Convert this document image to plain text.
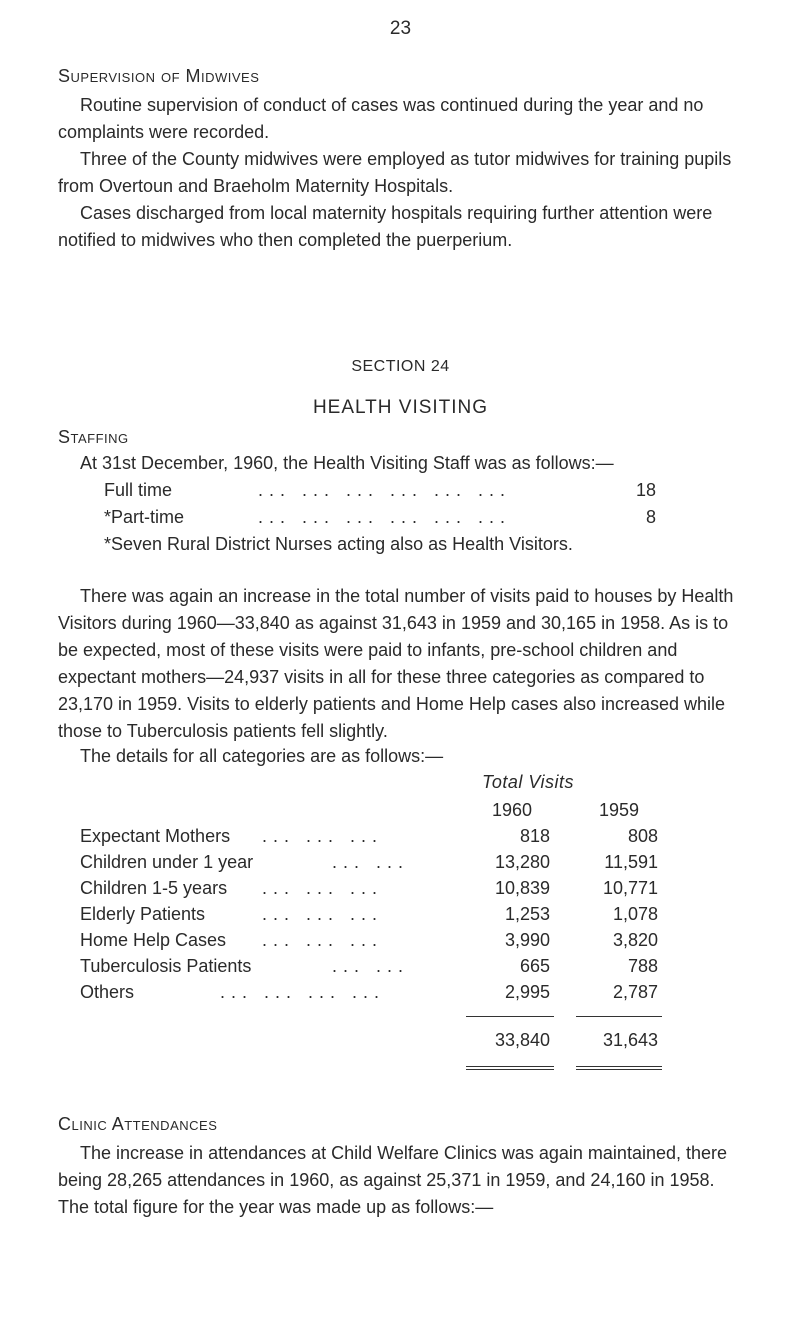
23
Supervision of Midwives

Routine supervision of conduct of cases was continued during the year and no complaints were recorded.

Three of the County midwives were employed as tutor midwives for training pupils from Overtoun and Braeholm Maternity Hospitals.

Cases discharged from local maternity hospitals requiring further attention were notified to midwives who then completed the puerperium.

SECTION 24
HEALTH VISITING
Staffing
At 31st December, 1960, the Health Visiting Staff was as follows:—
Full time	... ... ... ... ... ...	18
*Part-time	... ... ... ... ... ...	8
*Seven Rural District Nurses acting also as Health Visitors.

There was again an increase in the total number of visits paid to houses by Health Visitors during 1960—33,840 as against 31,643 in 1959 and 30,165 in 1958. As is to be expected, most of these visits were paid to infants, pre-school children and expectant mothers—24,937 visits in all for these three categories as compared to 23,170 in 1959. Visits to elderly patients and Home Help cases also increased while those to Tuberculosis patients fell slightly.

The details for all categories are as follows:—
Total Visits
1960	1959
Expectant Mothers ... ... ...	818	808
Children under 1 year	... ...	13,280	11,591
Children 1-5 years ... ... ...	10,839	10,771
Elderly Patients	... ... ...	1,253	1,078
Home Help Cases ... ... ...	3,990	3,820
Tuberculosis Patients	... ...	665	788
Others	... ... ... ...	2,995	2,787
33,840	31,643
Clinic Attendances

The increase in attendances at Child Welfare Clinics was again maintained, there being 28,265 attendances in 1960, as against 25,371 in 1959, and 24,160 in 1958. The total figure for the year was made up as follows:—
